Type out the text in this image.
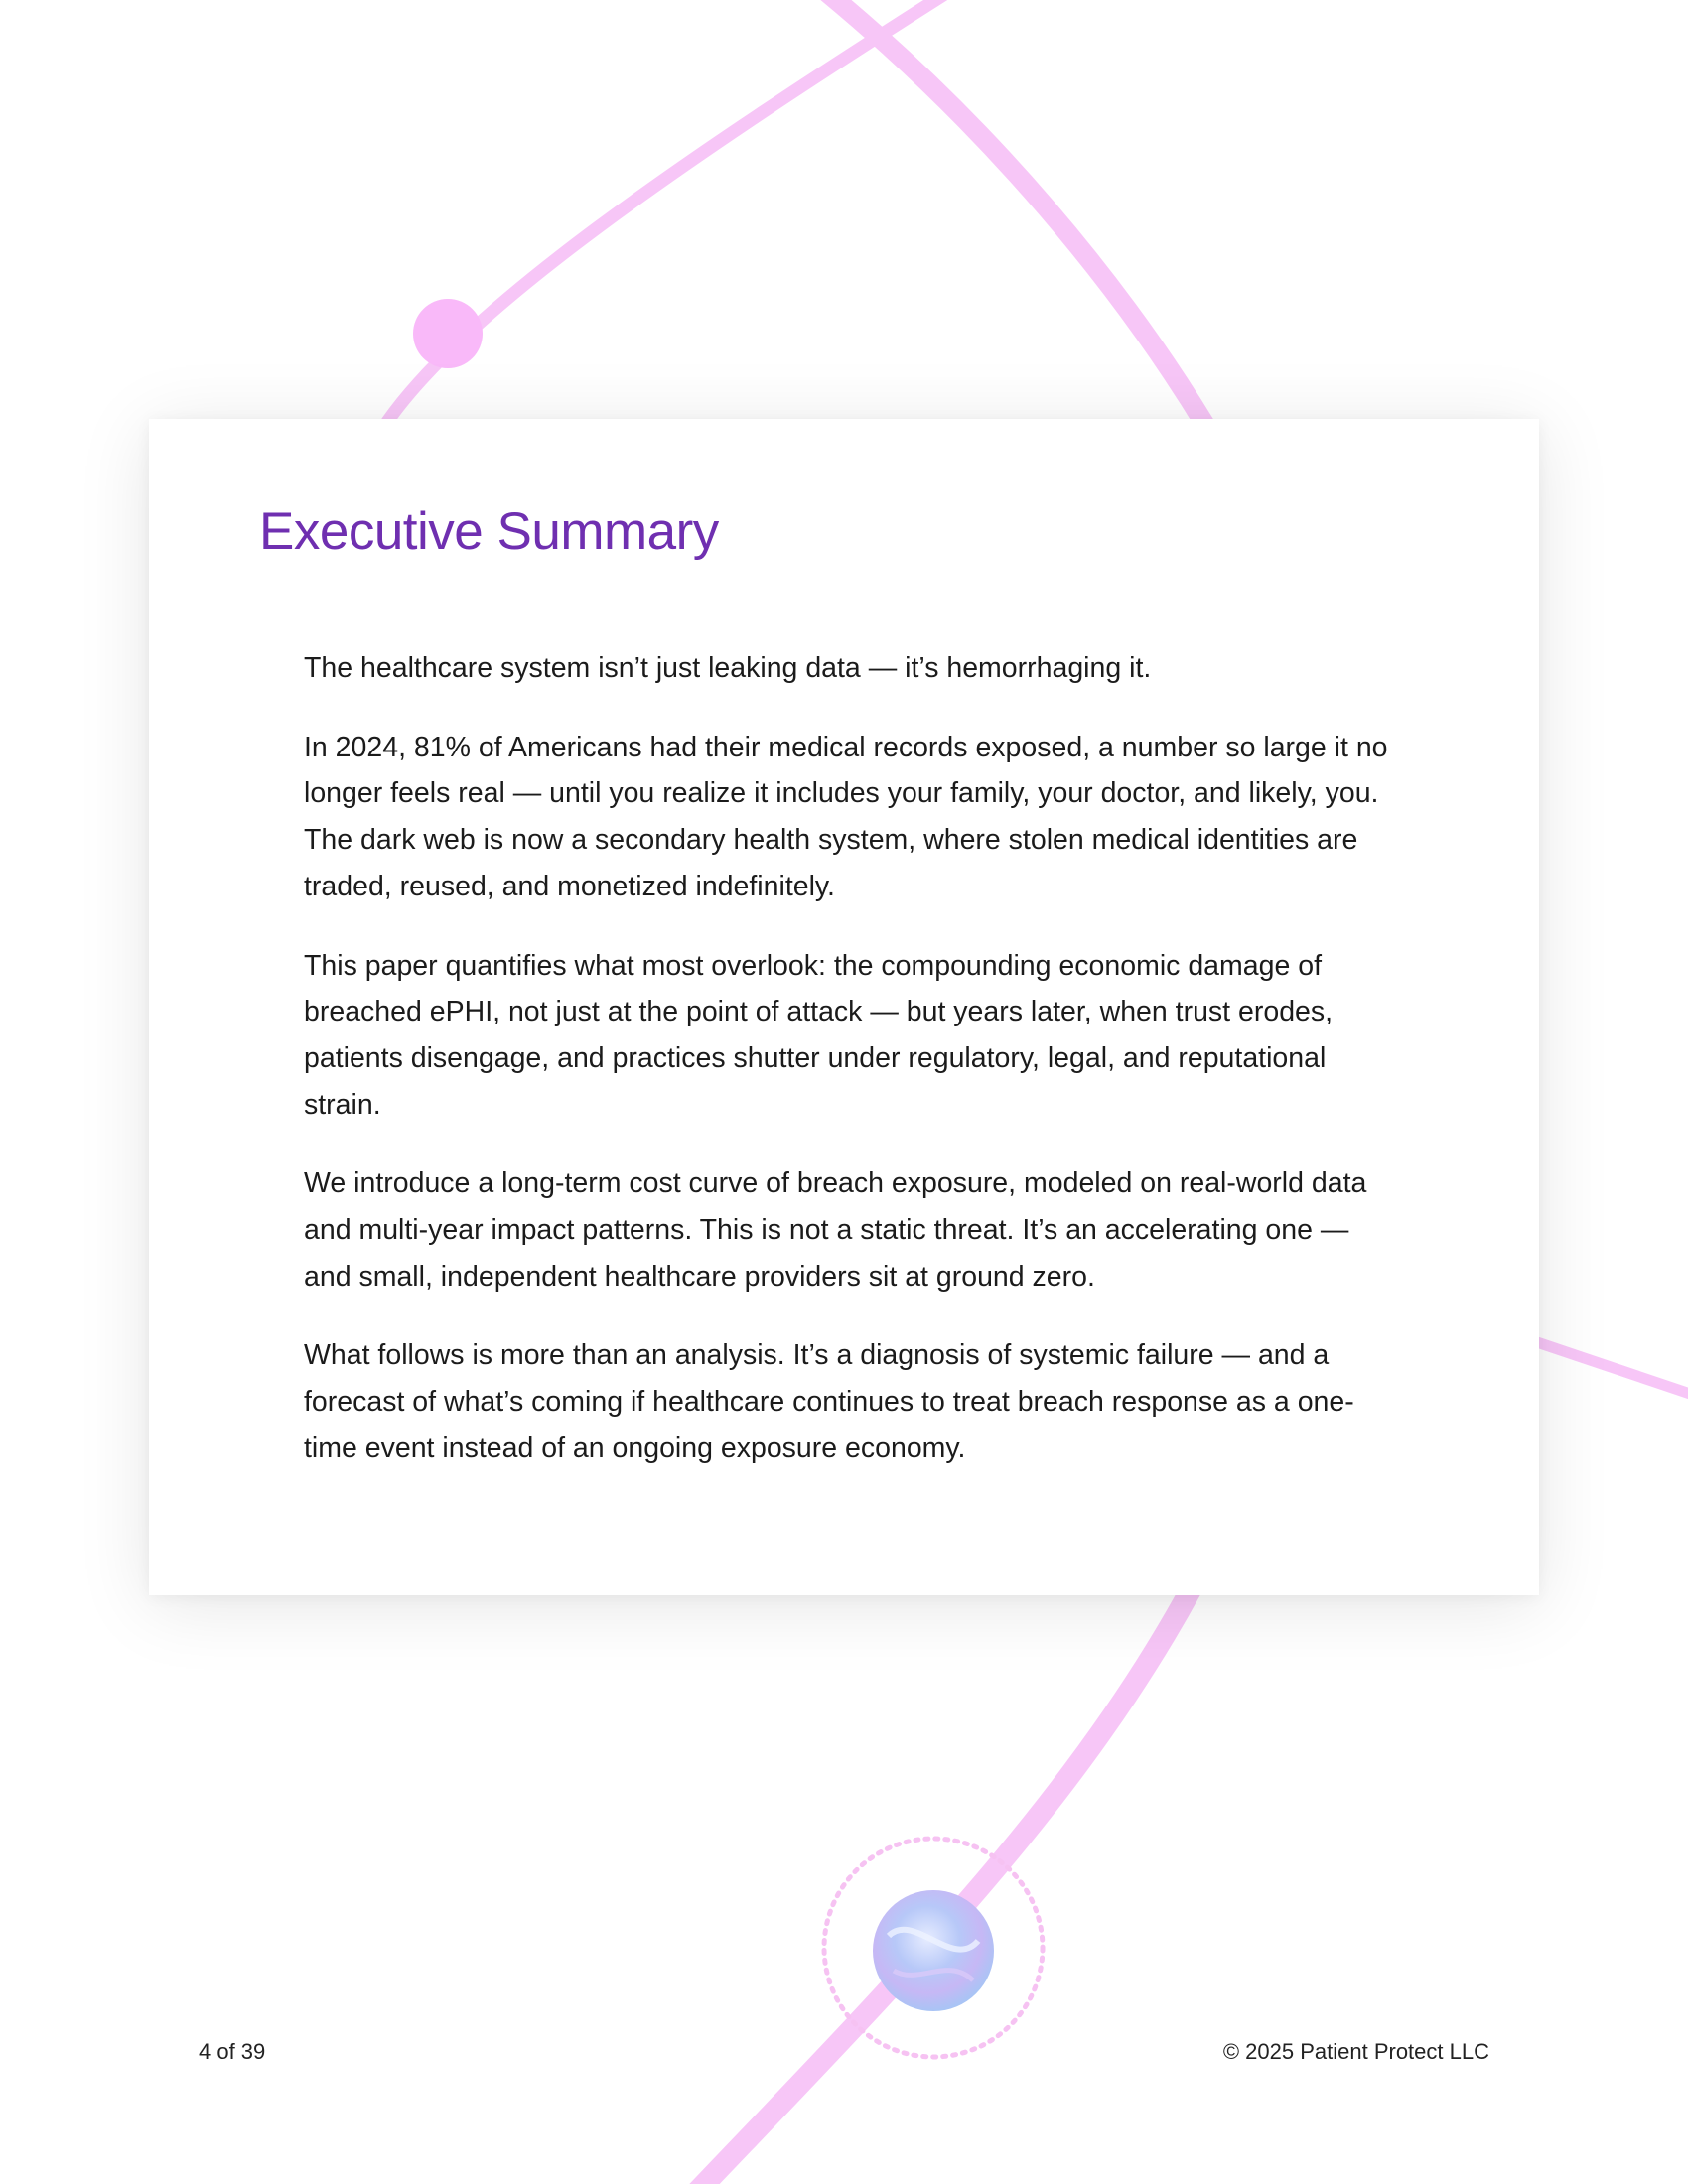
Executive Summary

The healthcare system isn’t just leaking data — it’s hemorrhaging it.

In 2024, 81% of Americans had their medical records exposed, a number so large it no longer feels real — until you realize it includes your family, your doctor, and likely, you. The dark web is now a secondary health system, where stolen medical identities are traded, reused, and monetized indefinitely.

This paper quantifies what most overlook: the compounding economic damage of breached ePHI, not just at the point of attack — but years later, when trust erodes, patients disengage, and practices shutter under regulatory, legal, and reputational strain.

We introduce a long-term cost curve of breach exposure, modeled on real-world data and multi-year impact patterns. This is not a static threat. It’s an accelerating one — and small, independent healthcare providers sit at ground zero.

What follows is more than an analysis. It’s a diagnosis of systemic failure — and a forecast of what’s coming if healthcare continues to treat breach response as a one-time event instead of an ongoing exposure economy.

4 of 39	© 2025 Patient Protect LLC
